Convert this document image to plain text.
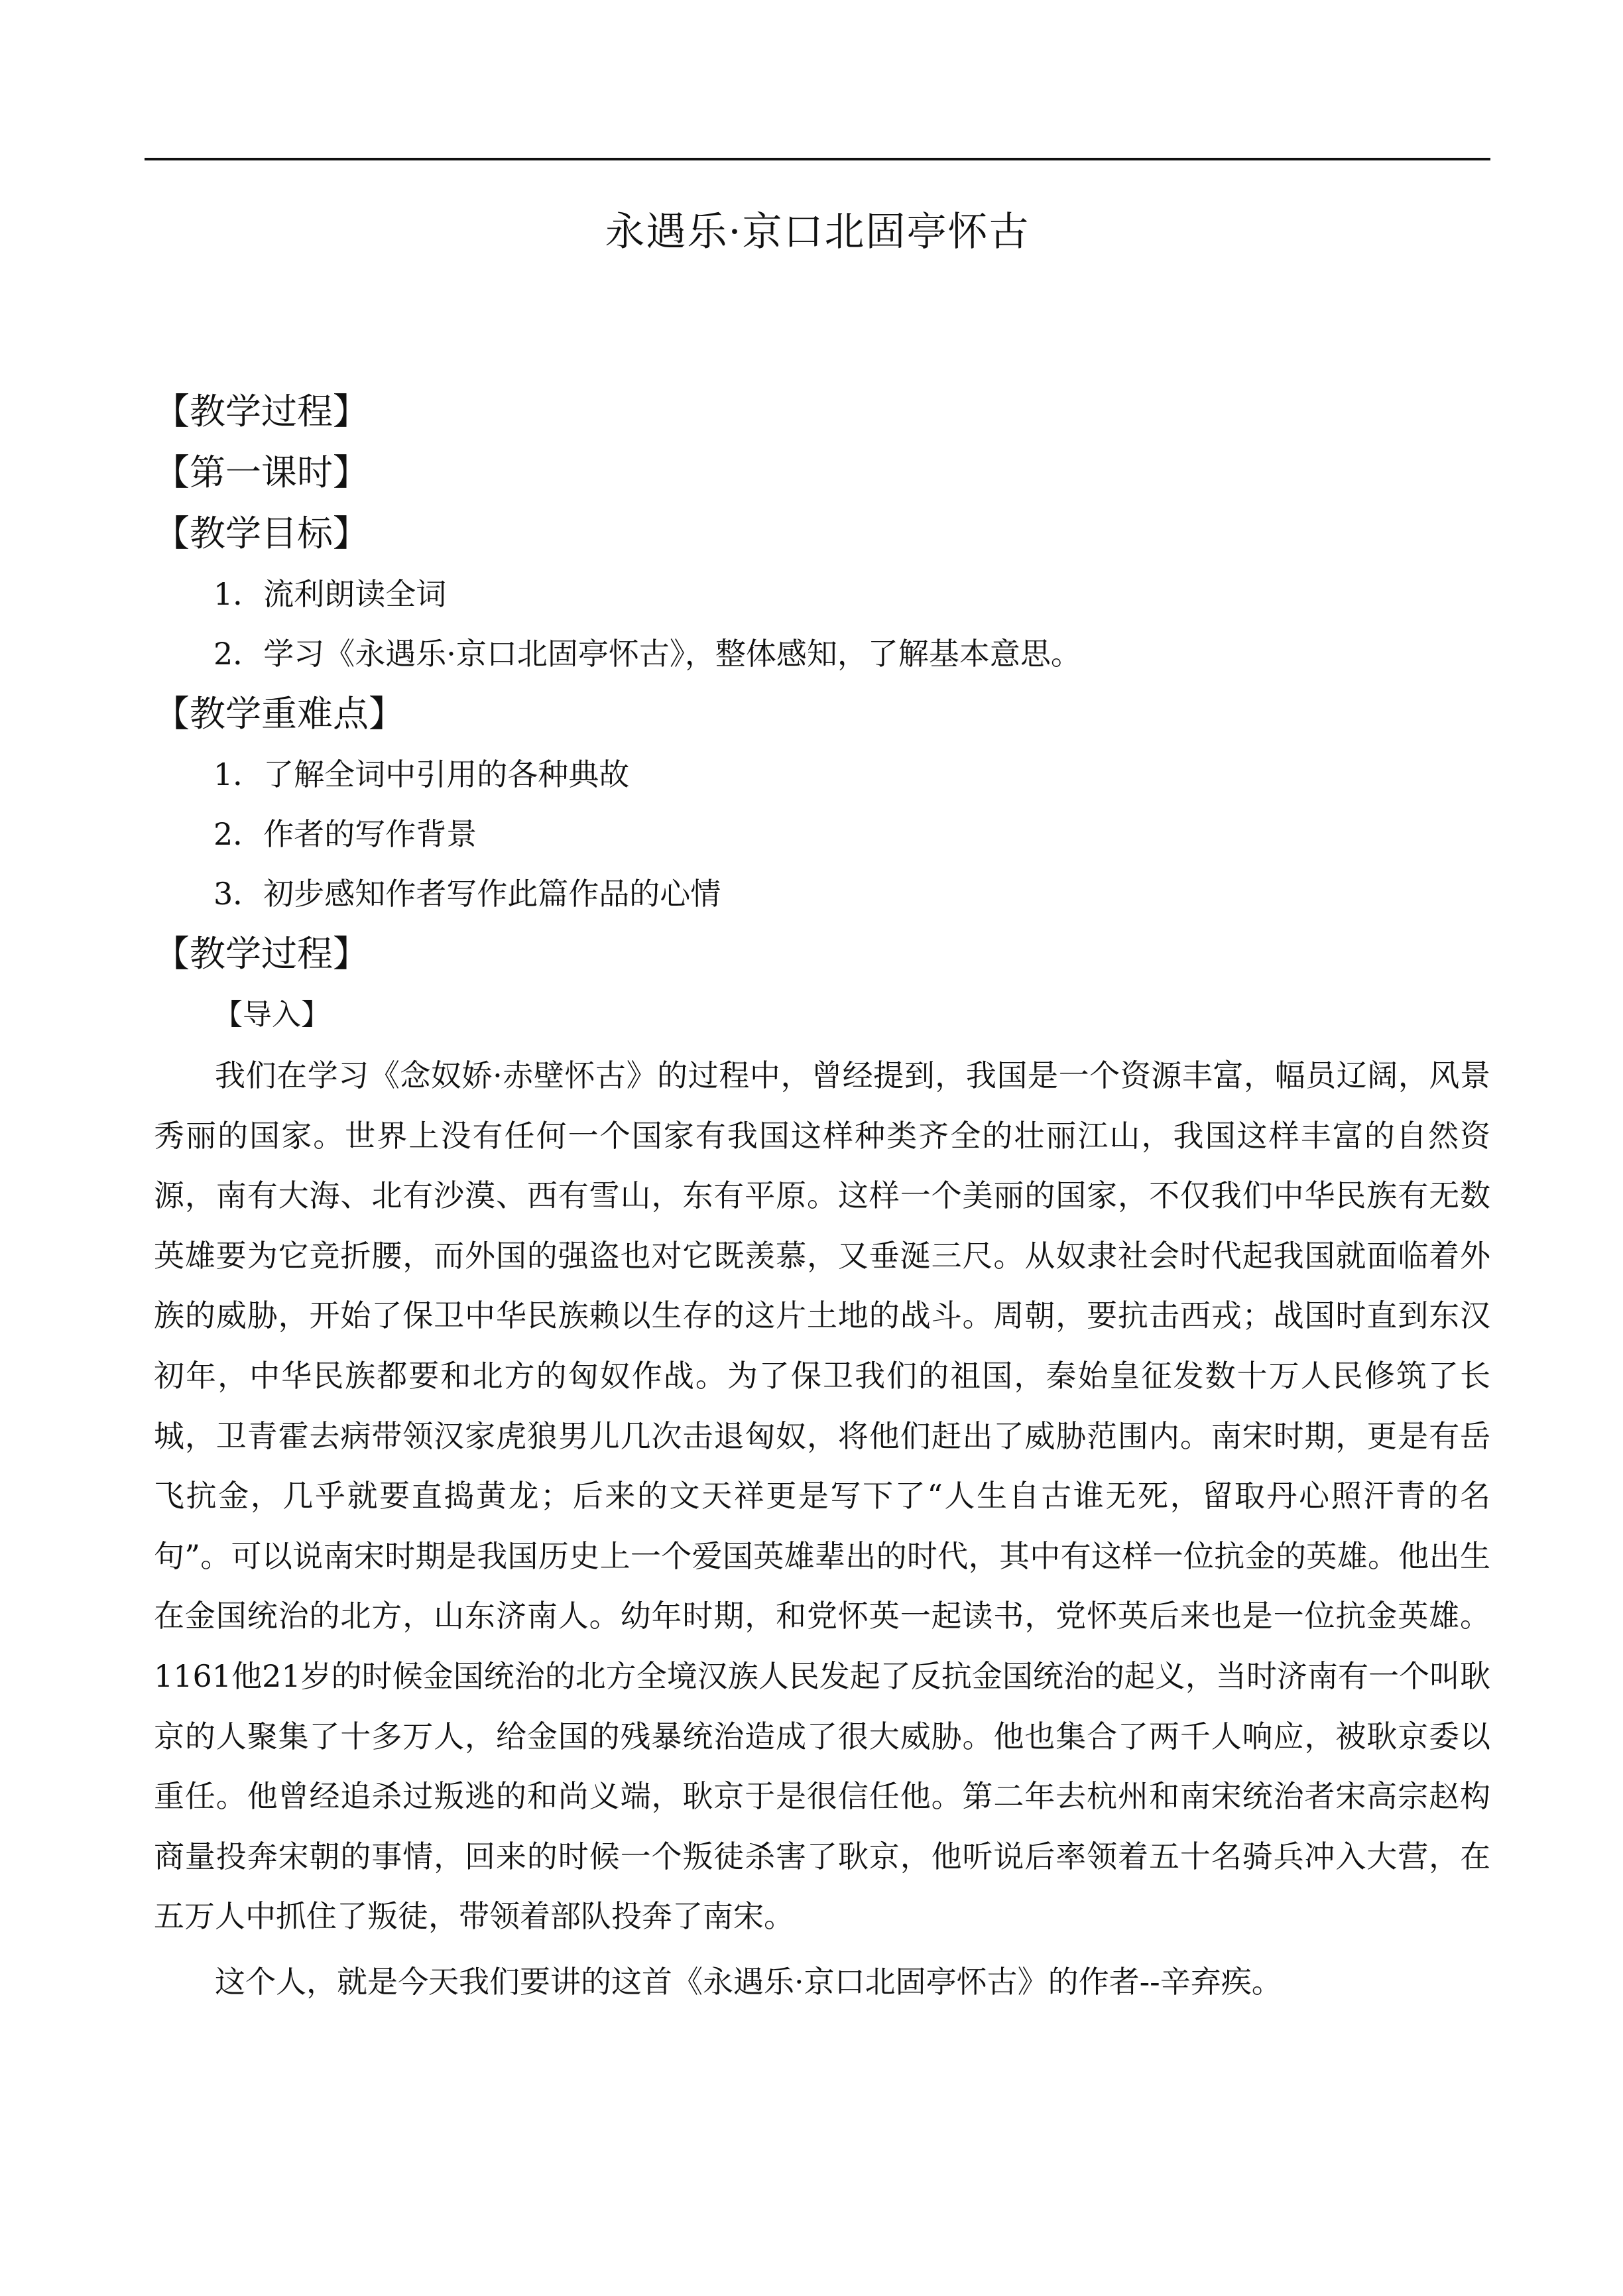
永遇乐·京口北固亭怀古
【教学过程】
【第一课时】
【教学目标】
1．流利朗读全词
2．学习《永遇乐·京口北固亭怀古》，整体感知，了解基本意思。
【教学重难点】
1．了解全词中引用的各种典故
2．作者的写作背景
3．初步感知作者写作此篇作品的心情
【教学过程】
【导入】

我们在学习《念奴娇·赤壁怀古》的过程中，曾经提到，我国是一个资源丰富，幅员辽阔，风景秀丽的国家。世界上没有任何一个国家有我国这样种类齐全的壮丽江山，我国这样丰富的自然资源，南有大海、北有沙漠、西有雪山，东有平原。这样一个美丽的国家，不仅我们中华民族有无数英雄要为它竞折腰，而外国的强盗也对它既羡慕，又垂涎三尺。从奴隶社会时代起我国就面临着外族的威胁，开始了保卫中华民族赖以生存的这片土地的战斗。周朝，要抗击西戎；战国时直到东汉初年，中华民族都要和北方的匈奴作战。为了保卫我们的祖国，秦始皇征发数十万人民修筑了长城，卫青霍去病带领汉家虎狼男儿几次击退匈奴，将他们赶出了威胁范围内。南宋时期，更是有岳飞抗金，几乎就要直捣黄龙；后来的文天祥更是写下了“人生自古谁无死，留取丹心照汗青的名句”。可以说南宋时期是我国历史上一个爱国英雄辈出的时代，其中有这样一位抗金的英雄。他出生在金国统治的北方，山东济南人。幼年时期，和党怀英一起读书，党怀英后来也是一位抗金英雄。1161他21岁的时候金国统治的北方全境汉族人民发起了反抗金国统治的起义，当时济南有一个叫耿京的人聚集了十多万人，给金国的残暴统治造成了很大威胁。他也集合了两千人响应，被耿京委以重任。他曾经追杀过叛逃的和尚义端，耿京于是很信任他。第二年去杭州和南宋统治者宋高宗赵构商量投奔宋朝的事情，回来的时候一个叛徒杀害了耿京，他听说后率领着五十名骑兵冲入大营，在五万人中抓住了叛徒，带领着部队投奔了南宋。

这个人，就是今天我们要讲的这首《永遇乐·京口北固亭怀古》的作者--辛弃疾。
